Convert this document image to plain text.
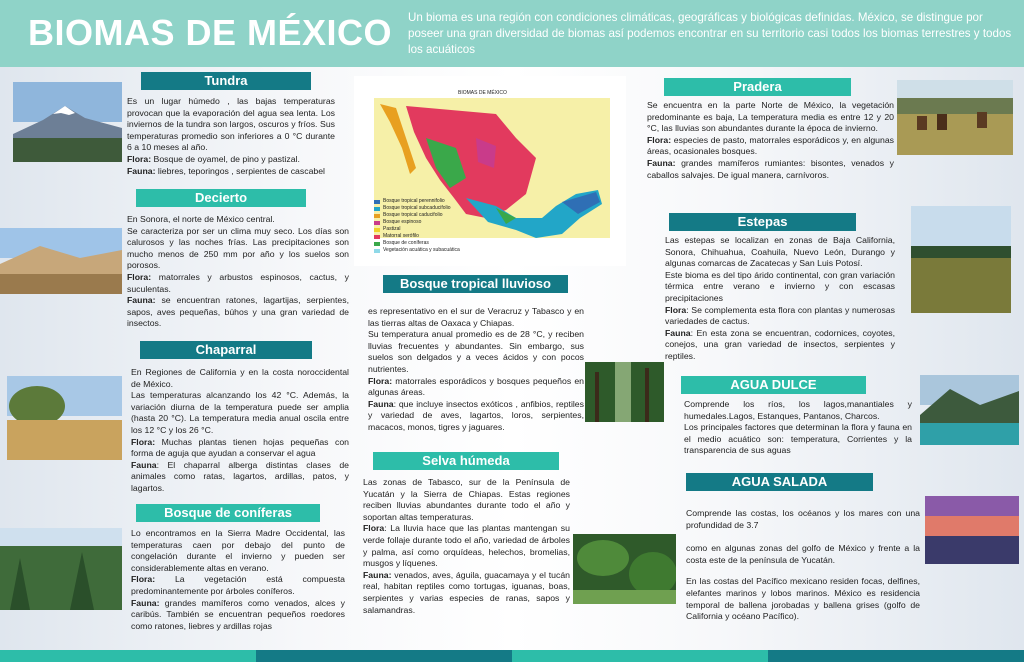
BIOMAS DE MÉXICO Un bioma es una región con condiciones climáticas, geográficas y biológicas definidas. México, se distingue por poseer una gran diversidad de biomas así podemos encontrar en su territorio casi todos los biomas terrestres y todos los acuáticos
Tundra

Es un lugar húmedo , las bajas temperaturas provocan que la evaporación del agua sea lenta. Los inviernos de la tundra son largos, oscuros y fríos. Sus temperaturas promedio son inferiores a 0 °C durante 6 a 10 meses al año.

Flora: Bosque de oyamel, de pino y pastizal.

Fauna: liebres, teporingos , serpientes de cascabel

Decierto

En Sonora, el norte de México central.

Se caracteriza por ser un clima muy seco. Los días son calurosos y las noches frías. Las precipitaciones son mucho menos de 250 mm por año y los suelos son porosos.

Flora: matorrales y arbustos espinosos, cactus, y suculentas.

Fauna: se encuentran ratones, lagartijas, serpientes, sapos, aves pequeñas, búhos y una gran variedad de insectos.

Chaparral

En Regiones de California y en la costa noroccidental de México.

Las temperaturas alcanzando los 42 °C. Además, la variación diurna de la temperatura puede ser amplia (hasta 20 °C). La temperatura media anual oscila entre los 12 °C y los 26 °C.

Flora: Muchas plantas tienen hojas pequeñas con forma de aguja que ayudan a conservar el agua

Fauna: El chaparral alberga distintas clases de animales como ratas, lagartos, ardillas, patos, y lagartos.

Bosque de coníferas

Lo encontramos en la Sierra Madre Occidental, las temperaturas caen por debajo del punto de congelación durante el invierno y pueden ser considerablemente altas en verano.

Flora: La vegetación está compuesta predominantemente por árboles coníferos.

Fauna: grandes mamíferos como venados, alces y caribús. También se encuentran pequeños roedores como ratones, liebres y ardillas rojas

BIOMAS DE MÉXICO
Bosque tropical perennifolio
Bosque tropical subcaducifolio
Bosque tropical caducifolio
Bosque espinoso
Pastizal
Matorral xerófilo
Bosque de coníferas
Vegetación acuática y subacuática
Bosque tropical lluvioso

es representativo en el sur de Veracruz y Tabasco y en las tierras altas de Oaxaca y Chiapas.

Su temperatura anual promedio es de 28 °C, y reciben lluvias frecuentes y abundantes. Sin embargo, sus suelos son delgados y a veces ácidos y con pocos nutrientes.

Flora: matorrales esporádicos y bosques pequeños en algunas áreas.

Fauna: que incluye insectos exóticos , anfibios, reptiles y variedad de aves, lagartos, loros, serpientes, macacos, monos, tigres y jaguares.

Selva húmeda

Las zonas de Tabasco, sur de la Península de Yucatán y la Sierra de Chiapas. Estas regiones reciben lluvias abundantes durante todo el año y soportan altas temperaturas.

Flora: La lluvia hace que las plantas mantengan su verde follaje durante todo el año, variedad de árboles y palma, así como orquídeas, helechos, bromelias, musgos y líquenes.

Fauna: venados, aves, águila, guacamaya y el tucán real, habitan reptiles como tortugas, iguanas, boas, serpientes y varias especies de ranas, sapos y salamandras.

Pradera

Se encuentra en la parte Norte de México, la vegetación predominante es baja, La temperatura media es entre 12 y 20 °C, las lluvias son abundantes durante la época de invierno.

Flora: especies de pasto, matorrales esporádicos y, en algunas áreas, ocasionales bosques.

Fauna: grandes mamíferos rumiantes: bisontes, venados y caballos salvajes. De igual manera, carnívoros.

Estepas

Las estepas se localizan en zonas de Baja California, Sonora, Chihuahua, Coahuila, Nuevo León, Durango y algunas comarcas de Zacatecas y San Luis Potosí.

Este bioma es del tipo árido continental, con gran variación térmica entre verano e invierno y con escasas precipitaciones

Flora: Se complementa esta flora con plantas y numerosas variedades de cactus.

Fauna: En esta zona se encuentran, codornices, coyotes, conejos, una gran variedad de insectos, serpientes y reptiles.

AGUA DULCE

Comprende los ríos, los lagos,manantiales y humedales.Lagos, Estanques, Pantanos, Charcos.

Los principales factores que determinan la flora y fauna en el medio acuático son: temperatura, Corrientes y la transparencia de sus aguas

AGUA SALADA

Comprende las costas, los océanos y los mares con una profundidad de 3.7

como en algunas zonas del golfo de México y frente a la costa este de la península de Yucatán.

En las costas del Pacífico mexicano residen focas, delfines, elefantes marinos y lobos marinos. México es residencia temporal de ballena jorobadas y ballena grises (golfo de California y océano Pacífico).
